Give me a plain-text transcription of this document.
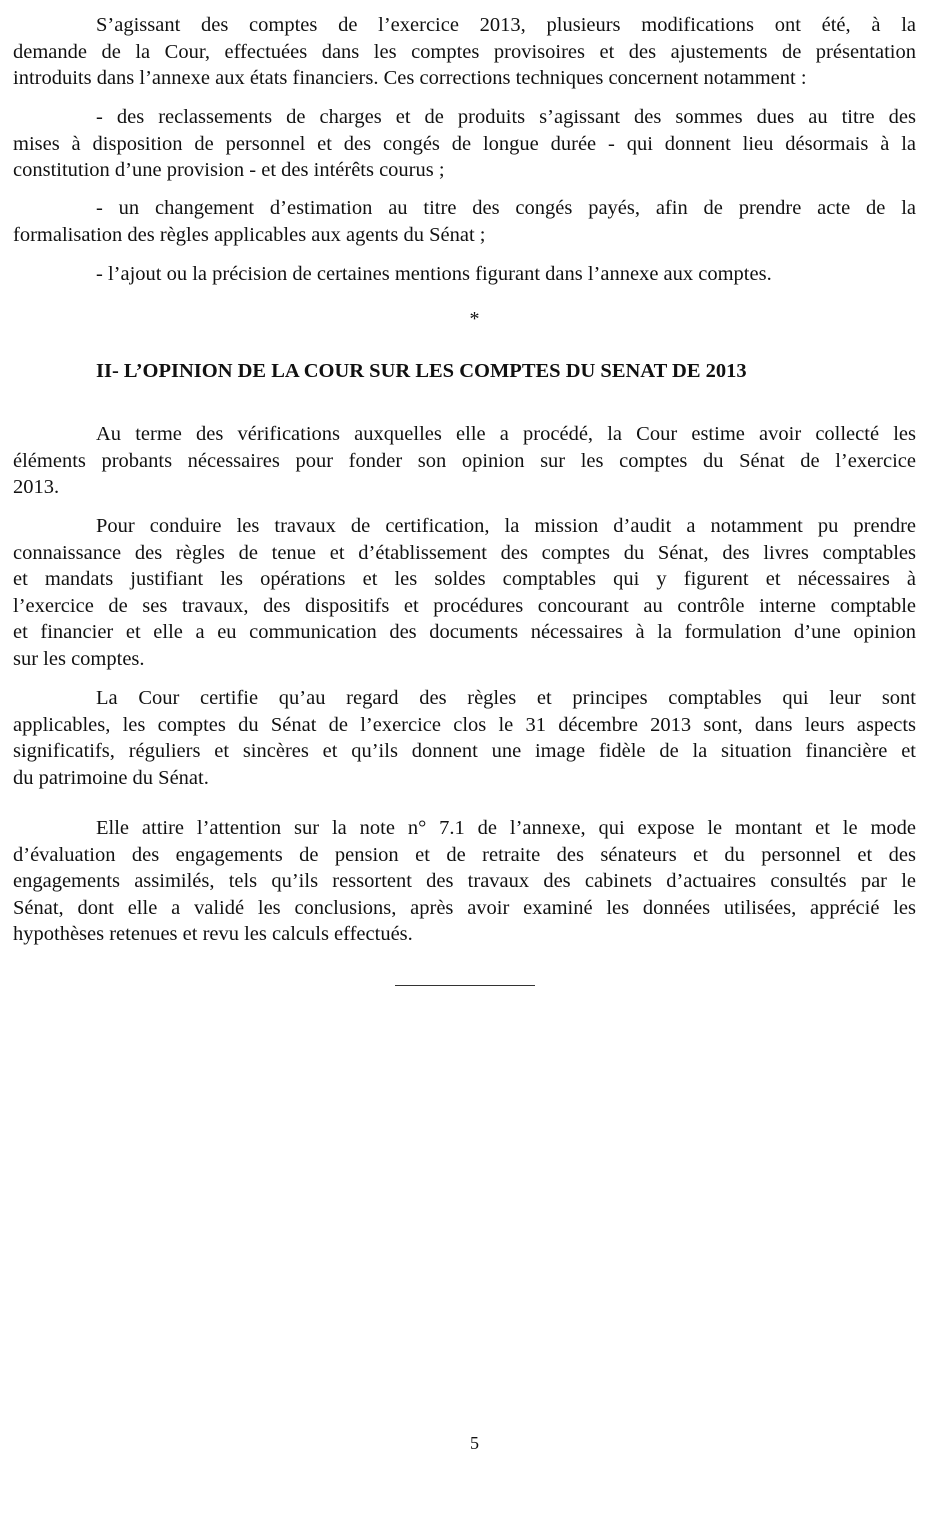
*
II- L’OPINION DE LA COUR SUR LES COMPTES DU SENAT DE 2013
5
S’agissant des comptes de l’exercice 2013, plusieurs modifications ont été, à la
demande de la Cour, effectuées dans les comptes provisoires et des ajustements de présentation
introduits dans l’annexe aux états financiers. Ces corrections techniques concernent notamment :
- des reclassements de charges et de produits s’agissant des sommes dues au titre des
mises à disposition de personnel et des congés de longue durée - qui donnent lieu désormais à la
constitution d’une provision - et des intérêts courus ;
- un changement d’estimation au titre des congés payés, afin de prendre acte de la
formalisation des règles applicables aux agents du Sénat ;
- l’ajout ou la précision de certaines mentions figurant dans l’annexe aux comptes.
Au terme des vérifications auxquelles elle a procédé, la Cour estime avoir collecté les
éléments probants nécessaires pour fonder son opinion sur les comptes du Sénat de l’exercice
2013.
Pour conduire les travaux de certification, la mission d’audit a notamment pu prendre
connaissance des règles de tenue et d’établissement des comptes du Sénat, des livres comptables
et mandats justifiant les opérations et les soldes comptables qui y figurent et nécessaires à
l’exercice de ses travaux, des dispositifs et procédures concourant au contrôle interne comptable
et financier et elle a eu communication des documents nécessaires à la formulation d’une opinion
sur les comptes.
La Cour certifie qu’au regard des règles et principes comptables qui leur sont
applicables, les comptes du Sénat de l’exercice clos le 31 décembre 2013 sont, dans leurs aspects
significatifs, réguliers et sincères et qu’ils donnent une image fidèle de la situation financière et
du patrimoine du Sénat.
Elle attire l’attention sur la note n° 7.1 de l’annexe, qui expose le montant et le mode
d’évaluation des engagements de pension et de retraite des sénateurs et du personnel et des
engagements assimilés, tels qu’ils ressortent des travaux des cabinets d’actuaires consultés par le
Sénat, dont elle a validé les conclusions, après avoir examiné les données utilisées, apprécié les
hypothèses retenues et revu les calculs effectués.
